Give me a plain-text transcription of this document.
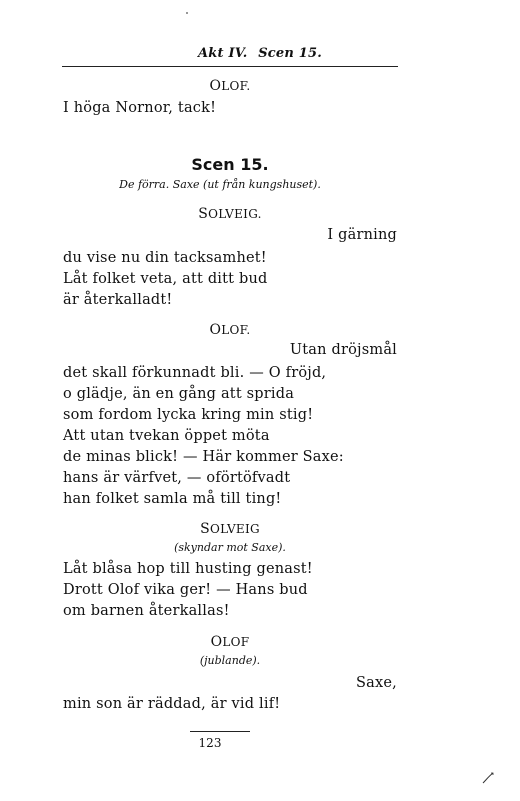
Akt IV. Scen 15.
OLOF.
I höga Nornor, tack!
Scen 15.
De förra. Saxe (ut från kungshuset).
SOLVEIG.
I gärning
du vise nu din tacksamhet!
Låt folket veta, att ditt bud
är återkalladt!
OLOF.
Utan dröjsmål
det skall förkunnadt bli. — O fröjd,
o glädje, än en gång att sprida
som fordom lycka kring min stig!
Att utan tvekan öppet möta
de minas blick! — Här kommer Saxe:
hans är värfvet, — oförtöfvadt
han folket samla må till ting!
SOLVEIG
(skyndar mot Saxe).
Låt blåsa hop till husting genast!
Drott Olof vika ger! — Hans bud
om barnen återkallas!
OLOF
(jublande).
Saxe,
min son är räddad, är vid lif!
123
